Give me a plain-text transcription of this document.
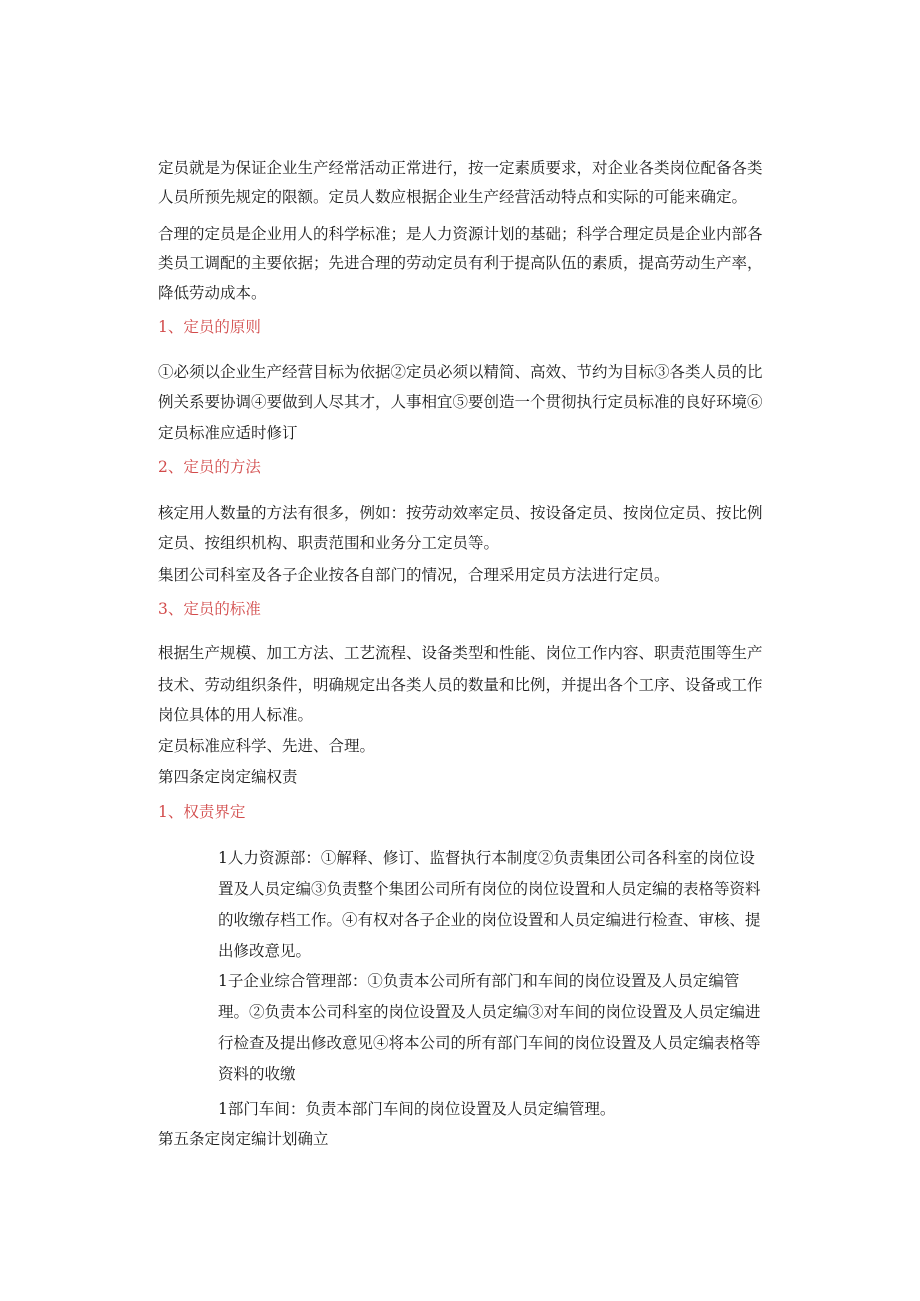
定员就是为保证企业生产经常活动正常进行，按一定素质要求，对企业各类岗位配备各类
人员所预先规定的限额。定员人数应根据企业生产经营活动特点和实际的可能来确定。
合理的定员是企业用人的科学标准；是人力资源计划的基础；科学合理定员是企业内部各
类员工调配的主要依据；先进合理的劳动定员有利于提高队伍的素质，提高劳动生产率，
降低劳动成本。
1、定员的原则
①必须以企业生产经营目标为依据②定员必须以精简、高效、节约为目标③各类人员的比
例关系要协调④要做到人尽其才，人事相宜⑤要创造一个贯彻执行定员标准的良好环境⑥
定员标准应适时修订
2、定员的方法
核定用人数量的方法有很多，例如：按劳动效率定员、按设备定员、按岗位定员、按比例
定员、按组织机构、职责范围和业务分工定员等。
集团公司科室及各子企业按各自部门的情况，合理采用定员方法进行定员。
3、定员的标准
根据生产规模、加工方法、工艺流程、设备类型和性能、岗位工作内容、职责范围等生产
技术、劳动组织条件，明确规定出各类人员的数量和比例，并提出各个工序、设备或工作
岗位具体的用人标准。
定员标准应科学、先进、合理。
第四条定岗定编权责
1、权责界定
1人力资源部：①解释、修订、监督执行本制度②负责集团公司各科室的岗位设
置及人员定编③负责整个集团公司所有岗位的岗位设置和人员定编的表格等资料
的收缴存档工作。④有权对各子企业的岗位设置和人员定编进行检查、审核、提
出修改意见。
1子企业综合管理部：①负责本公司所有部门和车间的岗位设置及人员定编管
理。②负责本公司科室的岗位设置及人员定编③对车间的岗位设置及人员定编进
行检查及提出修改意见④将本公司的所有部门车间的岗位设置及人员定编表格等
资料的收缴
1部门车间：负责本部门车间的岗位设置及人员定编管理。
第五条定岗定编计划确立
